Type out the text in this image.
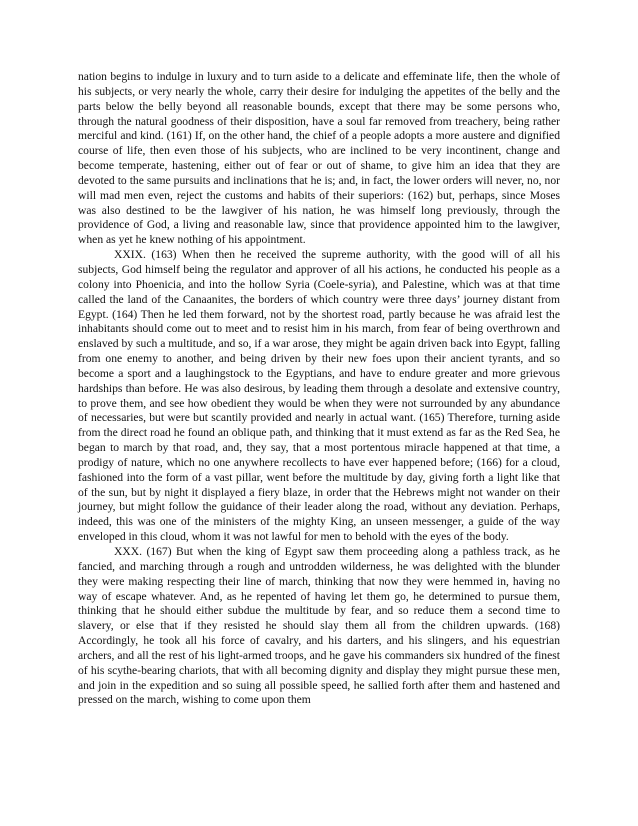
nation begins to indulge in luxury and to turn aside to a delicate and effeminate life, then the whole of his subjects, or very nearly the whole, carry their desire for indulging the appetites of the belly and the parts below the belly beyond all reasonable bounds, except that there may be some persons who, through the natural goodness of their disposition, have a soul far removed from treachery, being rather merciful and kind. (161) If, on the other hand, the chief of a people adopts a more austere and dignified course of life, then even those of his subjects, who are inclined to be very incontinent, change and become temperate, hastening, either out of fear or out of shame, to give him an idea that they are devoted to the same pursuits and inclinations that he is; and, in fact, the lower orders will never, no, nor will mad men even, reject the customs and habits of their superiors: (162) but, perhaps, since Moses was also destined to be the lawgiver of his nation, he was himself long previously, through the providence of God, a living and reasonable law, since that providence appointed him to the lawgiver, when as yet he knew nothing of his appointment.

XXIX. (163) When then he received the supreme authority, with the good will of all his subjects, God himself being the regulator and approver of all his actions, he conducted his people as a colony into Phoenicia, and into the hollow Syria (Coele-syria), and Palestine, which was at that time called the land of the Canaanites, the borders of which country were three days’ journey distant from Egypt. (164) Then he led them forward, not by the shortest road, partly because he was afraid lest the inhabitants should come out to meet and to resist him in his march, from fear of being overthrown and enslaved by such a multitude, and so, if a war arose, they might be again driven back into Egypt, falling from one enemy to another, and being driven by their new foes upon their ancient tyrants, and so become a sport and a laughingstock to the Egyptians, and have to endure greater and more grievous hardships than before. He was also desirous, by leading them through a desolate and extensive country, to prove them, and see how obedient they would be when they were not surrounded by any abundance of necessaries, but were but scantily provided and nearly in actual want. (165) Therefore, turning aside from the direct road he found an oblique path, and thinking that it must extend as far as the Red Sea, he began to march by that road, and, they say, that a most portentous miracle happened at that time, a prodigy of nature, which no one anywhere recollects to have ever happened before; (166) for a cloud, fashioned into the form of a vast pillar, went before the multitude by day, giving forth a light like that of the sun, but by night it displayed a fiery blaze, in order that the Hebrews might not wander on their journey, but might follow the guidance of their leader along the road, without any deviation. Perhaps, indeed, this was one of the ministers of the mighty King, an unseen messenger, a guide of the way enveloped in this cloud, whom it was not lawful for men to behold with the eyes of the body.

XXX. (167) But when the king of Egypt saw them proceeding along a pathless track, as he fancied, and marching through a rough and untrodden wilderness, he was delighted with the blunder they were making respecting their line of march, thinking that now they were hemmed in, having no way of escape whatever. And, as he repented of having let them go, he determined to pursue them, thinking that he should either subdue the multitude by fear, and so reduce them a second time to slavery, or else that if they resisted he should slay them all from the children upwards. (168) Accordingly, he took all his force of cavalry, and his darters, and his slingers, and his equestrian archers, and all the rest of his light-armed troops, and he gave his commanders six hundred of the finest of his scythe-bearing chariots, that with all becoming dignity and display they might pursue these men, and join in the expedition and so suing all possible speed, he sallied forth after them and hastened and pressed on the march, wishing to come upon them
